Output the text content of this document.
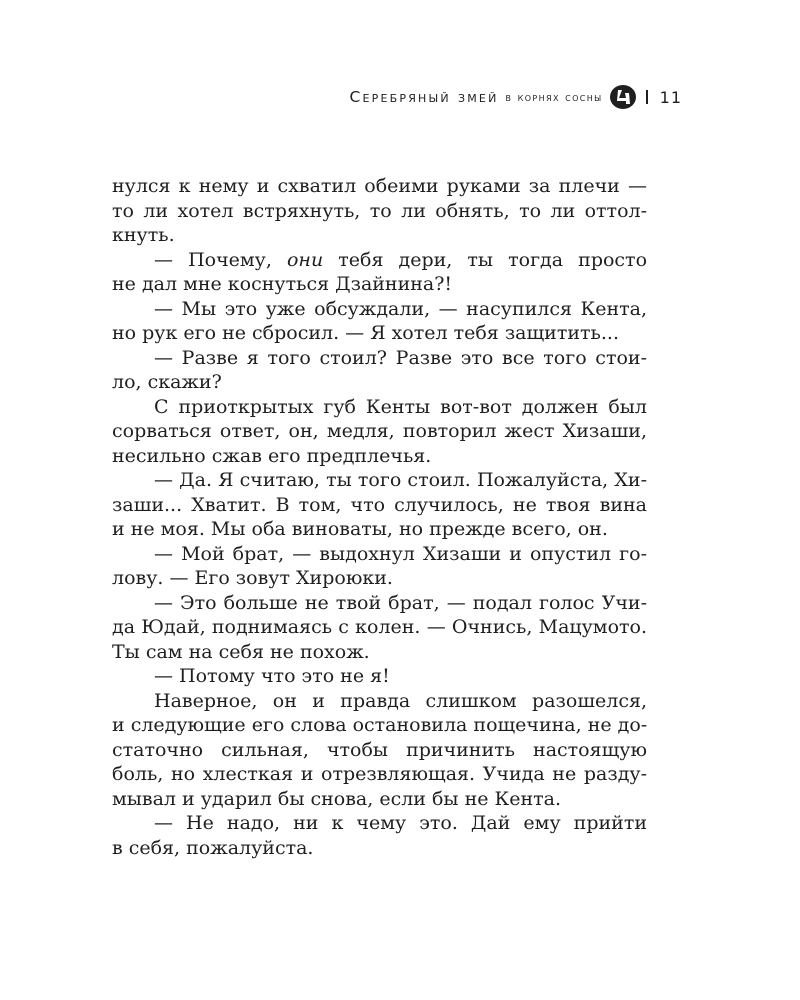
Серебряный змей в корнях сосны	11
нулся к нему и схватил обеими руками за плечи —
то ли хотел встряхнуть, то ли обнять, то ли оттол-
кнуть.
— Почему, они тебя дери, ты тогда просто
не дал мне коснуться Дзайнина?!
— Мы это уже обсуждали, — насупился Кента,
но рук его не сбросил. — Я хотел тебя защитить...
— Разве я того стоил? Разве это все того стои-
ло, скажи?
С приоткрытых губ Кенты вот-вот должен был
сорваться ответ, он, медля, повторил жест Хизаши,
несильно сжав его предплечья.
— Да. Я считаю, ты того стоил. Пожалуйста, Хи-
заши... Хватит. В том, что случилось, не твоя вина
и не моя. Мы оба виноваты, но прежде всего, он.
— Мой брат, — выдохнул Хизаши и опустил го-
лову. — Его зовут Хироюки.
— Это больше не твой брат, — подал голос Учи-
да Юдай, поднимаясь с колен. — Очнись, Мацумото.
Ты сам на себя не похож.
— Потому что это не я!
Наверное, он и правда слишком разошелся,
и следующие его слова остановила пощечина, не до-
статочно сильная, чтобы причинить настоящую
боль, но хлесткая и отрезвляющая. Учида не разду-
мывал и ударил бы снова, если бы не Кента.
— Не надо, ни к чему это. Дай ему прийти
в себя, пожалуйста.
